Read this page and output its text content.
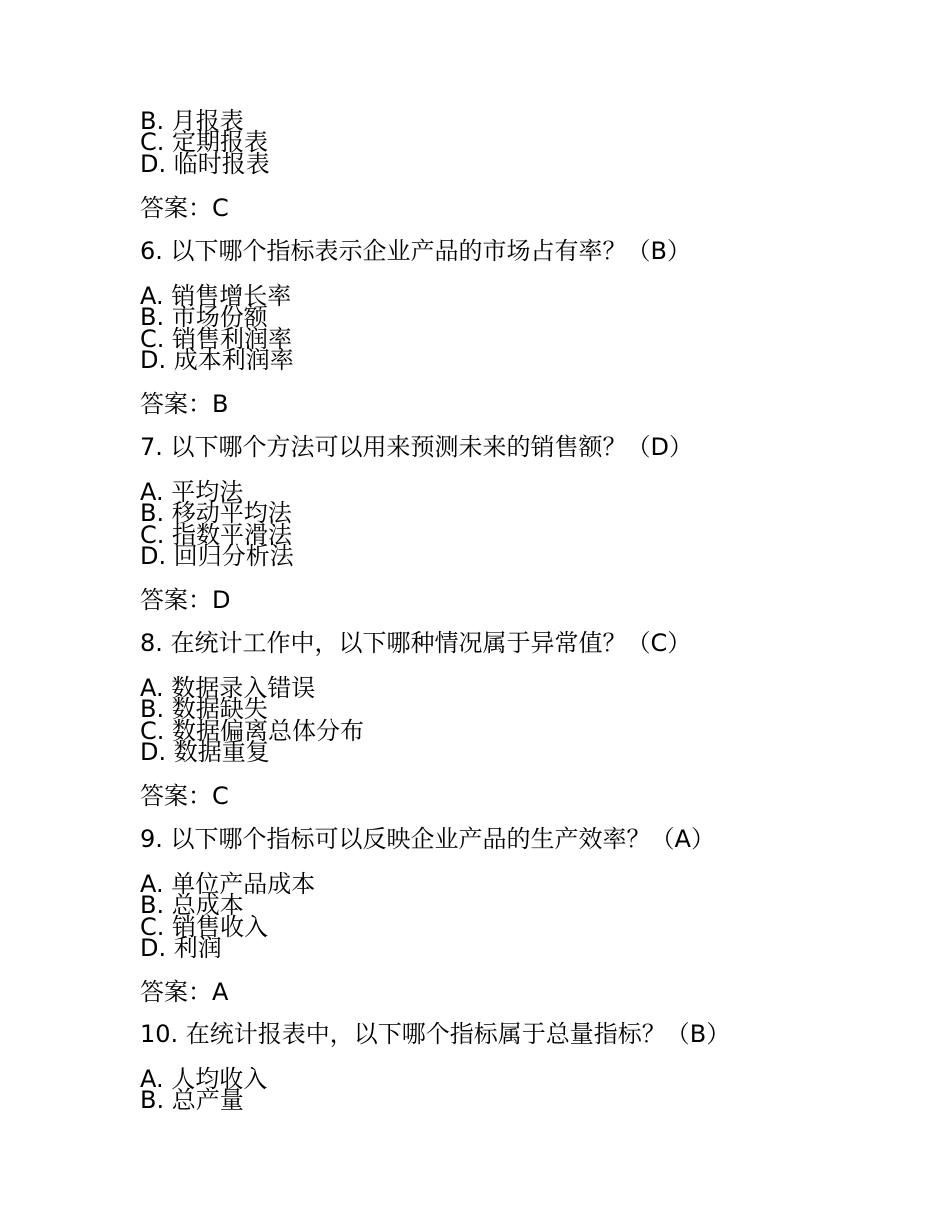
B. 月报表
C. 定期报表
D. 临时报表
答案：C
6. 以下哪个指标表示企业产品的市场占有率？（B）
A. 销售增长率
B. 市场份额
C. 销售利润率
D. 成本利润率
答案：B
7. 以下哪个方法可以用来预测未来的销售额？（D）
A. 平均法
B. 移动平均法
C. 指数平滑法
D. 回归分析法
答案：D
8. 在统计工作中，以下哪种情况属于异常值？（C）
A. 数据录入错误
B. 数据缺失
C. 数据偏离总体分布
D. 数据重复
答案：C
9. 以下哪个指标可以反映企业产品的生产效率？（A）
A. 单位产品成本
B. 总成本
C. 销售收入
D. 利润
答案：A
10. 在统计报表中，以下哪个指标属于总量指标？（B）
A. 人均收入
B. 总产量
